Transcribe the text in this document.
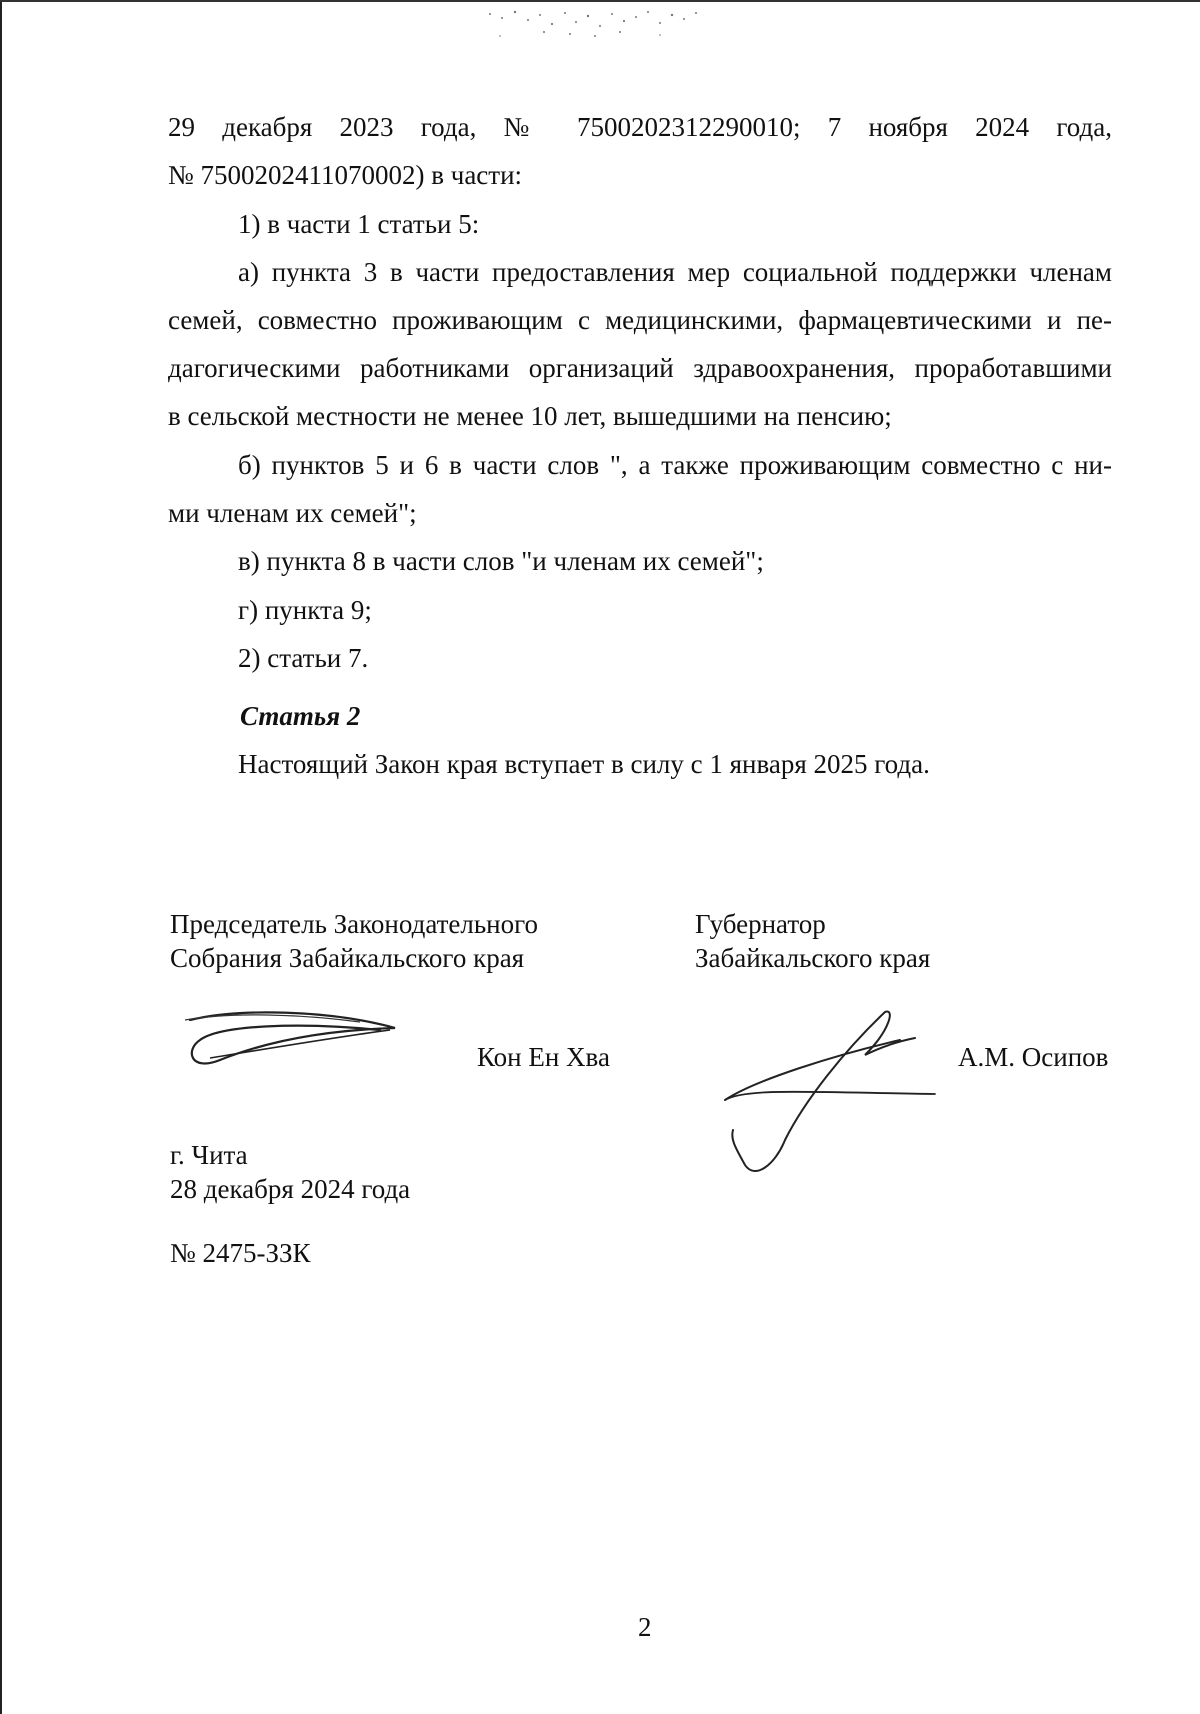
29 декабря 2023 года, № 7500202312290010; 7 ноября 2024 года,
№ 7500202411070002) в части:
1) в части 1 статьи 5:
а) пункта 3 в части предоставления мер социальной поддержки членам
семей, совместно проживающим с медицинскими, фармацевтическими и пе-
дагогическими работниками организаций здравоохранения, проработавшими
в сельской местности не менее 10 лет, вышедшими на пенсию;
б) пунктов 5 и 6 в части слов ", а также проживающим совместно с ни-
ми членам их семей";
в) пункта 8 в части слов "и членам их семей";
г) пункта 9;
2) статьи 7.
Статья 2
Настоящий Закон края вступает в силу с 1 января 2025 года.
Председатель Законодательного
Собрания Забайкальского края
Губернатор
Забайкальского края
Кон Ен Хва	А.М. Осипов
г. Чита
28 декабря 2024 года
№ 2475-ЗЗК
2
